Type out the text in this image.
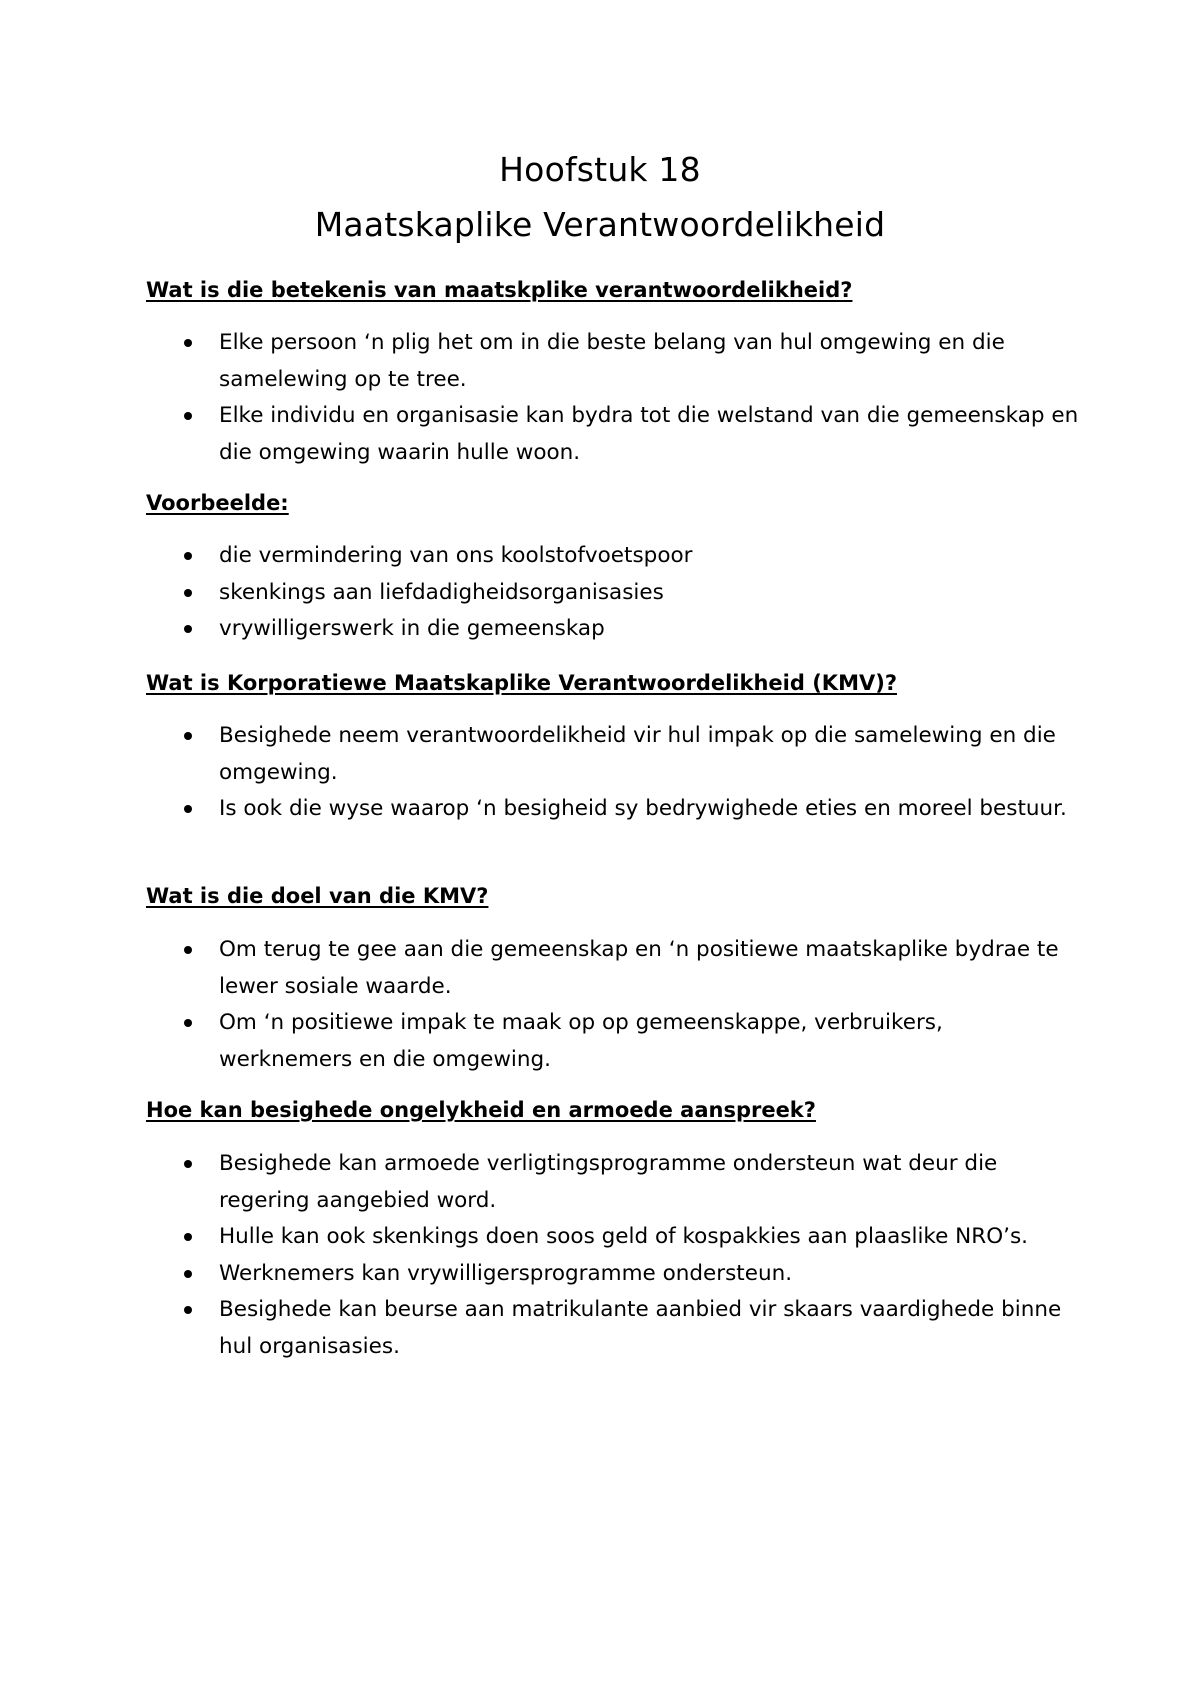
Hoofstuk 18
Maatskaplike Verantwoordelikheid
Wat is die betekenis van maatskplike verantwoordelikheid?
Elke persoon ‘n plig het om in die beste belang van hul omgewing en die samelewing op te tree.
Elke individu en organisasie kan bydra tot die welstand van die gemeenskap en die omgewing waarin hulle woon.
Voorbeelde:
die vermindering van ons koolstofvoetspoor
skenkings aan liefdadigheidsorganisasies
vrywilligerswerk in die gemeenskap
Wat is Korporatiewe Maatskaplike Verantwoordelikheid (KMV)?
Besighede neem verantwoordelikheid vir hul impak op die samelewing en die omgewing.
Is ook die wyse waarop ‘n besigheid sy bedrywighede eties en moreel bestuur.
Wat is die doel van die KMV?
Om terug te gee aan die gemeenskap en ‘n positiewe maatskaplike bydrae te lewer sosiale waarde.
Om ‘n positiewe impak te maak op op gemeenskappe, verbruikers, werknemers en die omgewing.
Hoe kan besighede ongelykheid en armoede aanspreek?
Besighede kan armoede verligtingsprogramme ondersteun wat deur die regering aangebied word.
Hulle kan ook skenkings doen soos geld of kospakkies aan plaaslike NRO’s.
Werknemers kan vrywilligersprogramme ondersteun.
Besighede kan beurse aan matrikulante aanbied vir skaars vaardighede binne hul organisasies.
